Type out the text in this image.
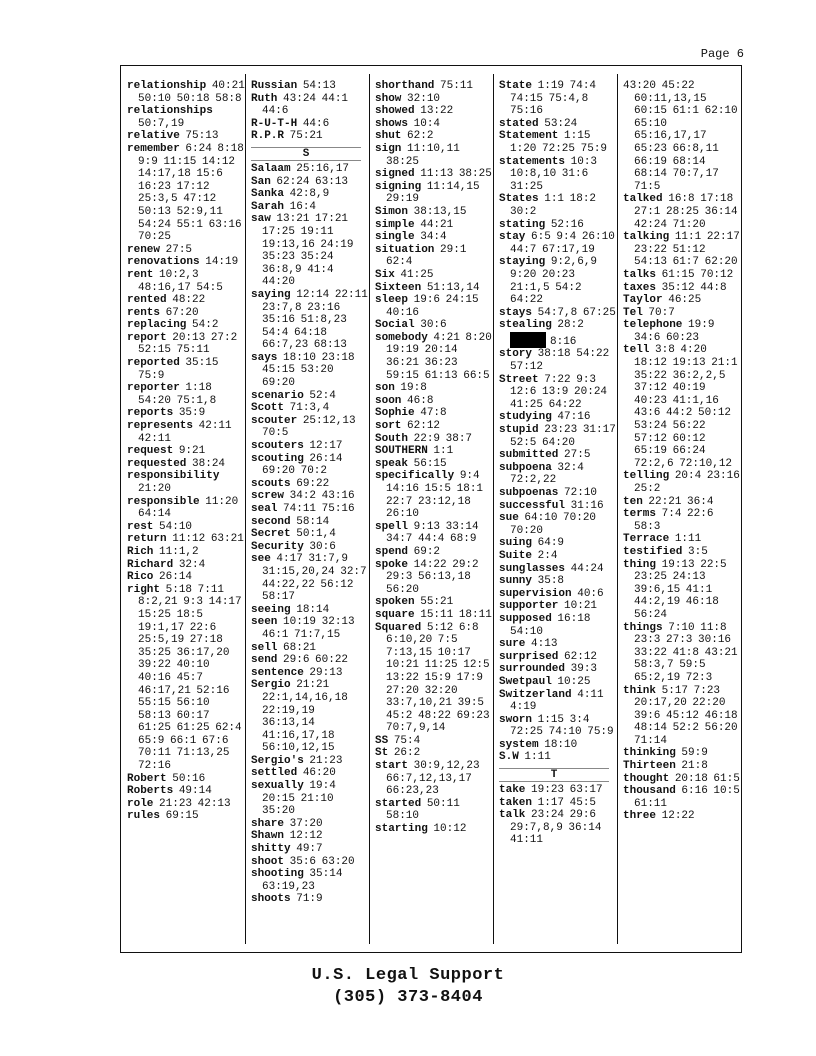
Page 6
relationship 40:21 50:10 50:18 58:8
relationships 50:7,19
relative 75:13
remember 6:24 8:18 9:9 11:15 14:12 14:17,18 15:6 16:23 17:12 25:3,5 47:12 50:13 52:9,11 54:24 55:1 63:16 70:25
renew 27:5
renovations 14:19
rent 10:2,3 48:16,17 54:5
rented 48:22
rents 67:20
replacing 54:2
report 20:13 27:2 52:15 75:11
reported 35:15 75:9
reporter 1:18 54:20 75:1,8
reports 35:9
represents 42:11 42:11
request 9:21
requested 38:24
responsibility 21:20
responsible 11:20 64:14
rest 54:10
return 11:12 63:21
Rich 11:1,2
Richard 32:4
Rico 26:14
right 5:18 7:11 8:2,21 9:3 14:17 15:25 18:5 19:1,17 22:6 25:5,19 27:18 35:25 36:17,20 39:22 40:10 40:16 45:7 46:17,21 52:16 55:15 56:10 58:13 60:17 61:25 61:25 62:4 65:9 66:1 67:6 70:11 71:13,25 72:16
Robert 50:16
Roberts 49:14
role 21:23 42:13
rules 69:15
Russian 54:13
Ruth 43:24 44:1 44:6
R-U-T-H 44:6
R.P.R 75:21
S
Salaam 25:16,17
San 62:24 63:13
Sanka 42:8,9
Sarah 16:4
saw 13:21 17:21 17:25 19:11 19:13,16 24:19 35:23 35:24 36:8,9 41:4 44:20
saying 12:14 22:11 23:7,8 23:16 35:16 51:8,23 54:4 64:18 66:7,23 68:13
says 18:10 23:18 45:15 53:20 69:20
scenario 52:4
Scott 71:3,4
scouter 25:12,13 70:5
scouters 12:17
scouting 26:14 69:20 70:2
scouts 69:22
screw 34:2 43:16
seal 74:11 75:16
second 58:14
Secret 50:1,4
Security 30:6
see 4:17 31:7,9 31:15,20,24 32:7 44:22,22 56:12 58:17
seeing 18:14
seen 10:19 32:13 46:1 71:7,15
sell 68:21
send 29:6 60:22
sentence 29:13
Sergio 21:21 22:1,14,16,18 22:19,19 36:13,14 41:16,17,18 56:10,12,15
Sergio's 21:23
settled 46:20
sexually 19:4 20:15 21:10 35:20
share 37:20
Shawn 12:12
shitty 49:7
shoot 35:6 63:20
shooting 35:14 63:19,23
shoots 71:9
shorthand 75:11
show 32:10
showed 13:22
shows 10:4
shut 62:2
sign 11:10,11 38:25
signed 11:13 38:25
signing 11:14,15 29:19
Simon 38:13,15
simple 44:21
single 34:4
situation 29:1 62:4
Six 41:25
Sixteen 51:13,14
sleep 19:6 24:15 40:16
Social 30:6
somebody 4:21 8:20 19:19 20:14 36:21 36:23 59:15 61:13 66:5
son 19:8
soon 46:8
Sophie 47:8
sort 62:12
South 22:9 38:7
SOUTHERN 1:1
speak 56:15
specifically 9:4 14:16 15:5 18:1 22:7 23:12,18 26:10
spell 9:13 33:14 34:7 44:4 68:9
spend 69:2
spoke 14:22 29:2 29:3 56:13,18 56:20
spoken 55:21
square 15:11 18:11
Squared 5:12 6:8 6:10,20 7:5 7:13,15 10:17 10:21 11:25 12:5 13:22 15:9 17:9 27:20 32:20 33:7,10,21 39:5 45:2 48:22 69:23 70:7,9,14
SS 75:4
St 26:2
start 30:9,12,23 66:7,12,13,17 66:23,23
started 50:11 58:10
starting 10:12
State 1:19 74:4 74:15 75:4,8 75:16
stated 53:24
Statement 1:15 1:20 72:25 75:9
statements 10:3 10:8,10 31:6 31:25
States 1:1 18:2 30:2
stating 52:16
stay 6:5 9:4 26:10 44:7 67:17,19
staying 9:2,6,9 9:20 20:23 21:1,5 54:2 64:22
stays 54:7,8 67:25
stealing 28:2 8:16
story 38:18 54:22 57:12
Street 7:22 9:3 12:6 13:9 20:24 41:25 64:22
studying 47:16
stupid 23:23 31:17 52:5 64:20
submitted 27:5
subpoena 32:4 72:2,22
subpoenas 72:10
successful 31:16
sue 64:10 70:20 70:20
suing 64:9
Suite 2:4
sunglasses 44:24
sunny 35:8
supervision 40:6
supporter 10:21
supposed 16:18 54:10
sure 4:13
surprised 62:12
surrounded 39:3
Swetpaul 10:25
Switzerland 4:11 4:19
sworn 1:15 3:4 72:25 74:10 75:9
system 18:10
S.W 1:11
T
take 19:23 63:17
taken 1:17 45:5
talk 23:24 29:6 29:7,8,9 36:14 41:11
43:20 45:22 60:11,13,15 60:15 61:1 62:10 65:10 65:16,17,17 65:23 66:8,11 66:19 68:14 68:14 70:7,17 71:5
talked 16:8 17:18 27:1 28:25 36:14 42:24 71:20
talking 11:1 22:17 23:22 51:12 54:13 61:7 62:20
talks 61:15 70:12
taxes 35:12 44:8
Taylor 46:25
Tel 70:7
telephone 19:9 34:6 60:23
tell 3:8 4:20 18:12 19:13 21:1 35:22 36:2,2,5 37:12 40:19 40:23 41:1,16 43:6 44:2 50:12 53:24 56:22 57:12 60:12 65:19 66:24 72:2,6 72:10,12
telling 20:4 23:16 25:2
ten 22:21 36:4
terms 7:4 22:6 58:3
Terrace 1:11
testified 3:5
thing 19:13 22:5 23:25 24:13 39:6,15 41:1 44:2,19 46:18 56:24
things 7:10 11:8 23:3 27:3 30:16 33:22 41:8 43:21 58:3,7 59:5 65:2,19 72:3
think 5:17 7:23 20:17,20 22:20 39:6 45:12 46:18 48:14 52:2 56:20 71:14
thinking 59:9
Thirteen 21:8
thought 20:18 61:5
thousand 6:16 10:5 61:11
three 12:22
U.S. Legal Support
(305) 373-8404
